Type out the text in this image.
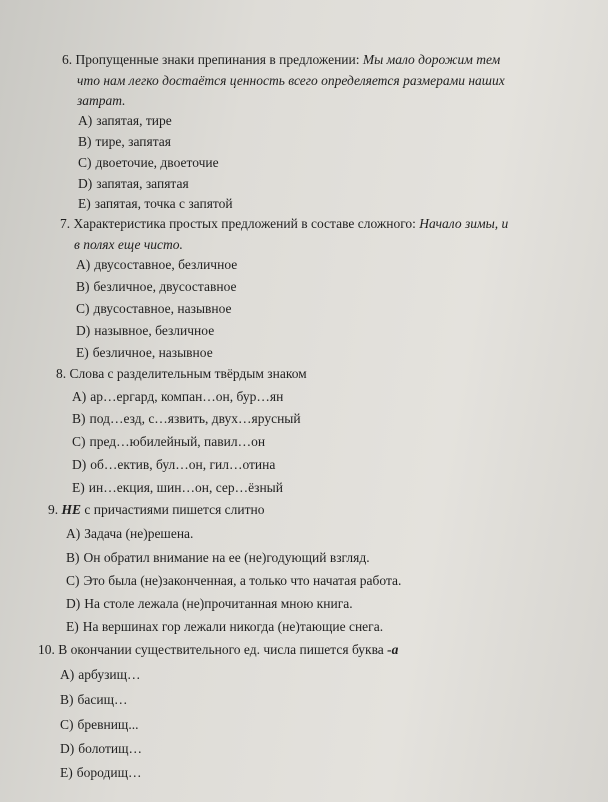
6. Пропущенные знаки препинания в предложении: Мы мало дорожим тем
что нам легко достаётся ценность всего определяется размерами наших
затрат.
A) запятая, тире
B) тире, запятая
C) двоеточие, двоеточие
D) запятая, запятая
E) запятая, точка с запятой
7. Характеристика простых предложений в составе сложного: Начало зимы, и
в полях еще чисто.
A) двусоставное, безличное
B) безличное, двусоставное
C) двусоставное, назывное
D) назывное, безличное
E) безличное, назывное
8. Слова с разделительным твёрдым знаком
A) ар…ергард, компан…он, бур…ян
B) под…езд, с…язвить, двух…ярусный
C) пред…юбилейный, павил…он
D) об…ектив, бул…он, гил…отина
E) ин…екция, шин…он, сер…ёзный
9. НЕ с причастиями пишется слитно
A) Задача (не)решена.
B) Он обратил внимание на ее (не)годующий взгляд.
C) Это была (не)законченная, а только что начатая работа.
D) На столе лежала (не)прочитанная мною книга.
E) На вершинах гор лежали никогда (не)тающие снега.
10. В окончании существительного ед. числа пишется буква -а
A) арбузищ…
B) басищ…
C) бревнищ...
D) болотищ…
E) бородищ…
